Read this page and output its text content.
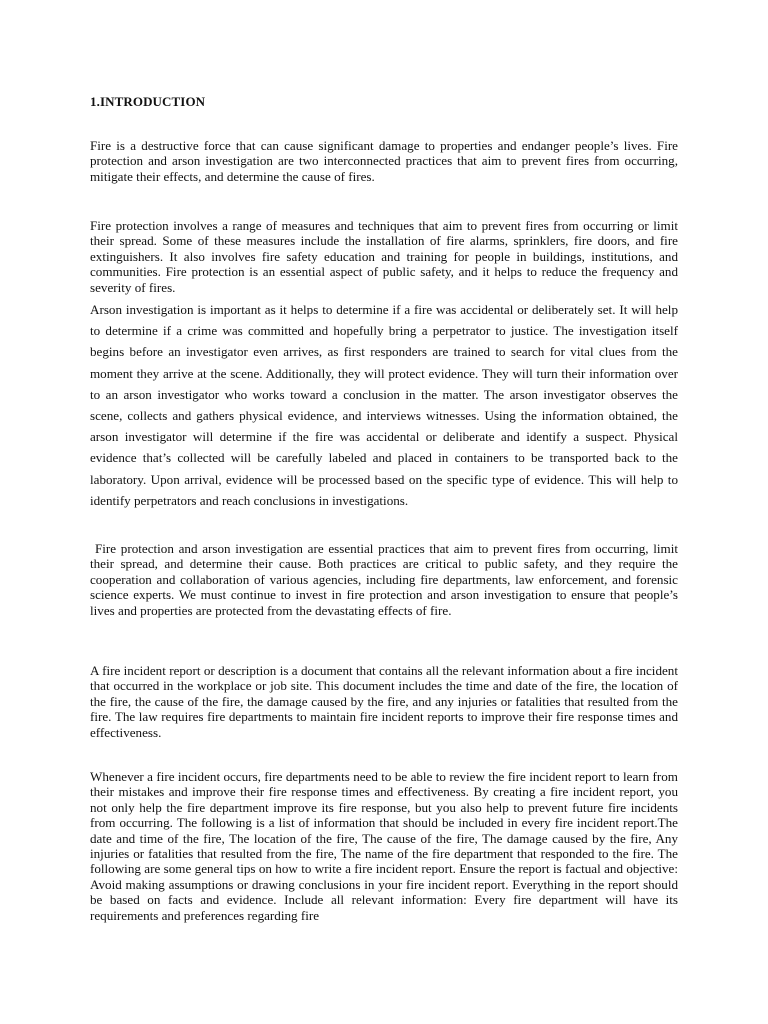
1.INTRODUCTION

Fire is a destructive force that can cause significant damage to properties and endanger people’s lives. Fire protection and arson investigation are two interconnected practices that aim to prevent fires from occurring, mitigate their effects, and determine the cause of fires.

Fire protection involves a range of measures and techniques that aim to prevent fires from occurring or limit their spread. Some of these measures include the installation of fire alarms, sprinklers, fire doors, and fire extinguishers. It also involves fire safety education and training for people in buildings, institutions, and communities. Fire protection is an essential aspect of public safety, and it helps to reduce the frequency and severity of fires.

Arson investigation is important as it helps to determine if a fire was accidental or deliberately set. It will help to determine if a crime was committed and hopefully bring a perpetrator to justice. The investigation itself begins before an investigator even arrives, as first responders are trained to search for vital clues from the moment they arrive at the scene. Additionally, they will protect evidence. They will turn their information over to an arson investigator who works toward a conclusion in the matter. The arson investigator observes the scene, collects and gathers physical evidence, and interviews witnesses. Using the information obtained, the arson investigator will determine if the fire was accidental or deliberate and identify a suspect. Physical evidence that’s collected will be carefully labeled and placed in containers to be transported back to the laboratory. Upon arrival, evidence will be processed based on the specific type of evidence. This will help to identify perpetrators and reach conclusions in investigations.

Fire protection and arson investigation are essential practices that aim to prevent fires from occurring, limit their spread, and determine their cause. Both practices are critical to public safety, and they require the cooperation and collaboration of various agencies, including fire departments, law enforcement, and forensic science experts. We must continue to invest in fire protection and arson investigation to ensure that people’s lives and properties are protected from the devastating effects of fire.

A fire incident report or description is a document that contains all the relevant information about a fire incident that occurred in the workplace or job site. This document includes the time and date of the fire, the location of the fire, the cause of the fire, the damage caused by the fire, and any injuries or fatalities that resulted from the fire. The law requires fire departments to maintain fire incident reports to improve their fire response times and effectiveness.

Whenever a fire incident occurs, fire departments need to be able to review the fire incident report to learn from their mistakes and improve their fire response times and effectiveness. By creating a fire incident report, you not only help the fire department improve its fire response, but you also help to prevent future fire incidents from occurring. The following is a list of information that should be included in every fire incident report.The date and time of the fire, The location of the fire, The cause of the fire, The damage caused by the fire, Any injuries or fatalities that resulted from the fire, The name of the fire department that responded to the fire. The following are some general tips on how to write a fire incident report. Ensure the report is factual and objective: Avoid making assumptions or drawing conclusions in your fire incident report. Everything in the report should be based on facts and evidence. Include all relevant information: Every fire department will have its requirements and preferences regarding fire
